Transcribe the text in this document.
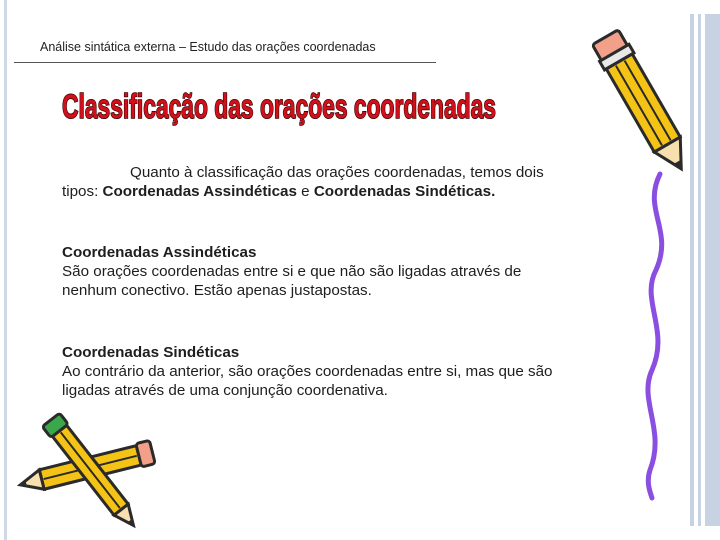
Análise sintática externa – Estudo das orações coordenadas
Classificação das orações coordenadas
Quanto à classificação das orações coordenadas, temos dois
tipos: Coordenadas Assindéticas e Coordenadas Sindéticas.
Coordenadas Assindéticas
São orações coordenadas entre si e que não são ligadas através de
nenhum conectivo. Estão apenas justapostas.
Coordenadas Sindéticas
Ao contrário da anterior, são orações coordenadas entre si, mas que são
ligadas através de uma conjunção coordenativa.
